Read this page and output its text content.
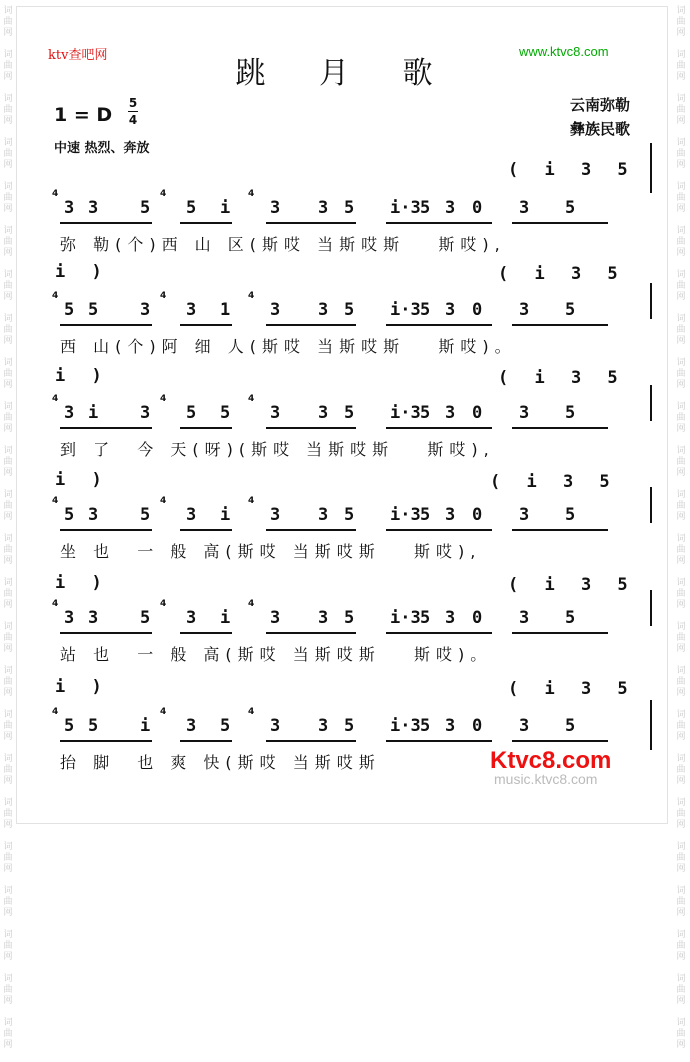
词
曲
网

词
曲
网

词
曲
网

词
曲
网

词
曲
网

词
曲
网

词
曲
网

词
曲
网

词
曲
网

词
曲
网

词
曲
网

词
曲
网

词
曲
网

词
曲
网

词
曲
网

词
曲
网

词
曲
网

词
曲
网

词
曲
网

词
曲
网

词
曲
网

词
曲
网

词
曲
网

词
曲
网

词
曲
网

词
曲
网

词
曲
网

词
曲
网

词
曲
网

词
曲
网

词
曲
网

词
曲
网

词
曲
网

词
曲
网

词
曲
网

词
曲
网

词
曲
网

词
曲
网

词
曲
网

词
曲
网

词
曲
网

词
曲
网

词
曲
网

词
曲
网

词
曲
网

词
曲
网

词
曲
网

词
曲
网

ktv查吧网	www.ktvc8.com
跳 月 歌
1 = D
5
4
中速 热烈、奔放
云南弥勒
彝族民歌
3 3 5 5 i 3 3 5 i·3 5 3 0 3 5
4	4	4
弥 勒(个)西 山 区(斯哎 当斯哎斯   斯哎),
5 5 3 3 1 3 3 5 i·3 5 3 0 3 5
4	4	4
西 山(个)阿 细 人(斯哎 当斯哎斯   斯哎)。
3 i 3 5 5 3 3 5 i·3 5 3 0 3 5
4	4	4
到 了  今 天(呀)(斯哎 当斯哎斯   斯哎),
5 3 5 3 i 3 3 5 i·3 5 3 0 3 5
4	4	4
坐 也  一 般 高(斯哎 当斯哎斯   斯哎),
3 3 5 3 i 3 3 5 i·3 5 3 0 3 5
4	4	4
站 也  一 般 高(斯哎 当斯哎斯   斯哎)。
5 5 i 3 5 3 3 5 i·3 5 3 0 3 5
4	4	4
抬 脚  也 爽 快(斯哎 当斯哎斯
( i 3 5
i )	( i 3 5
i )	( i 3 5
i )	( i 3 5
i )	( i 3 5
i )	( i 3 5
Ktvc8.com
music.ktvc8.com
